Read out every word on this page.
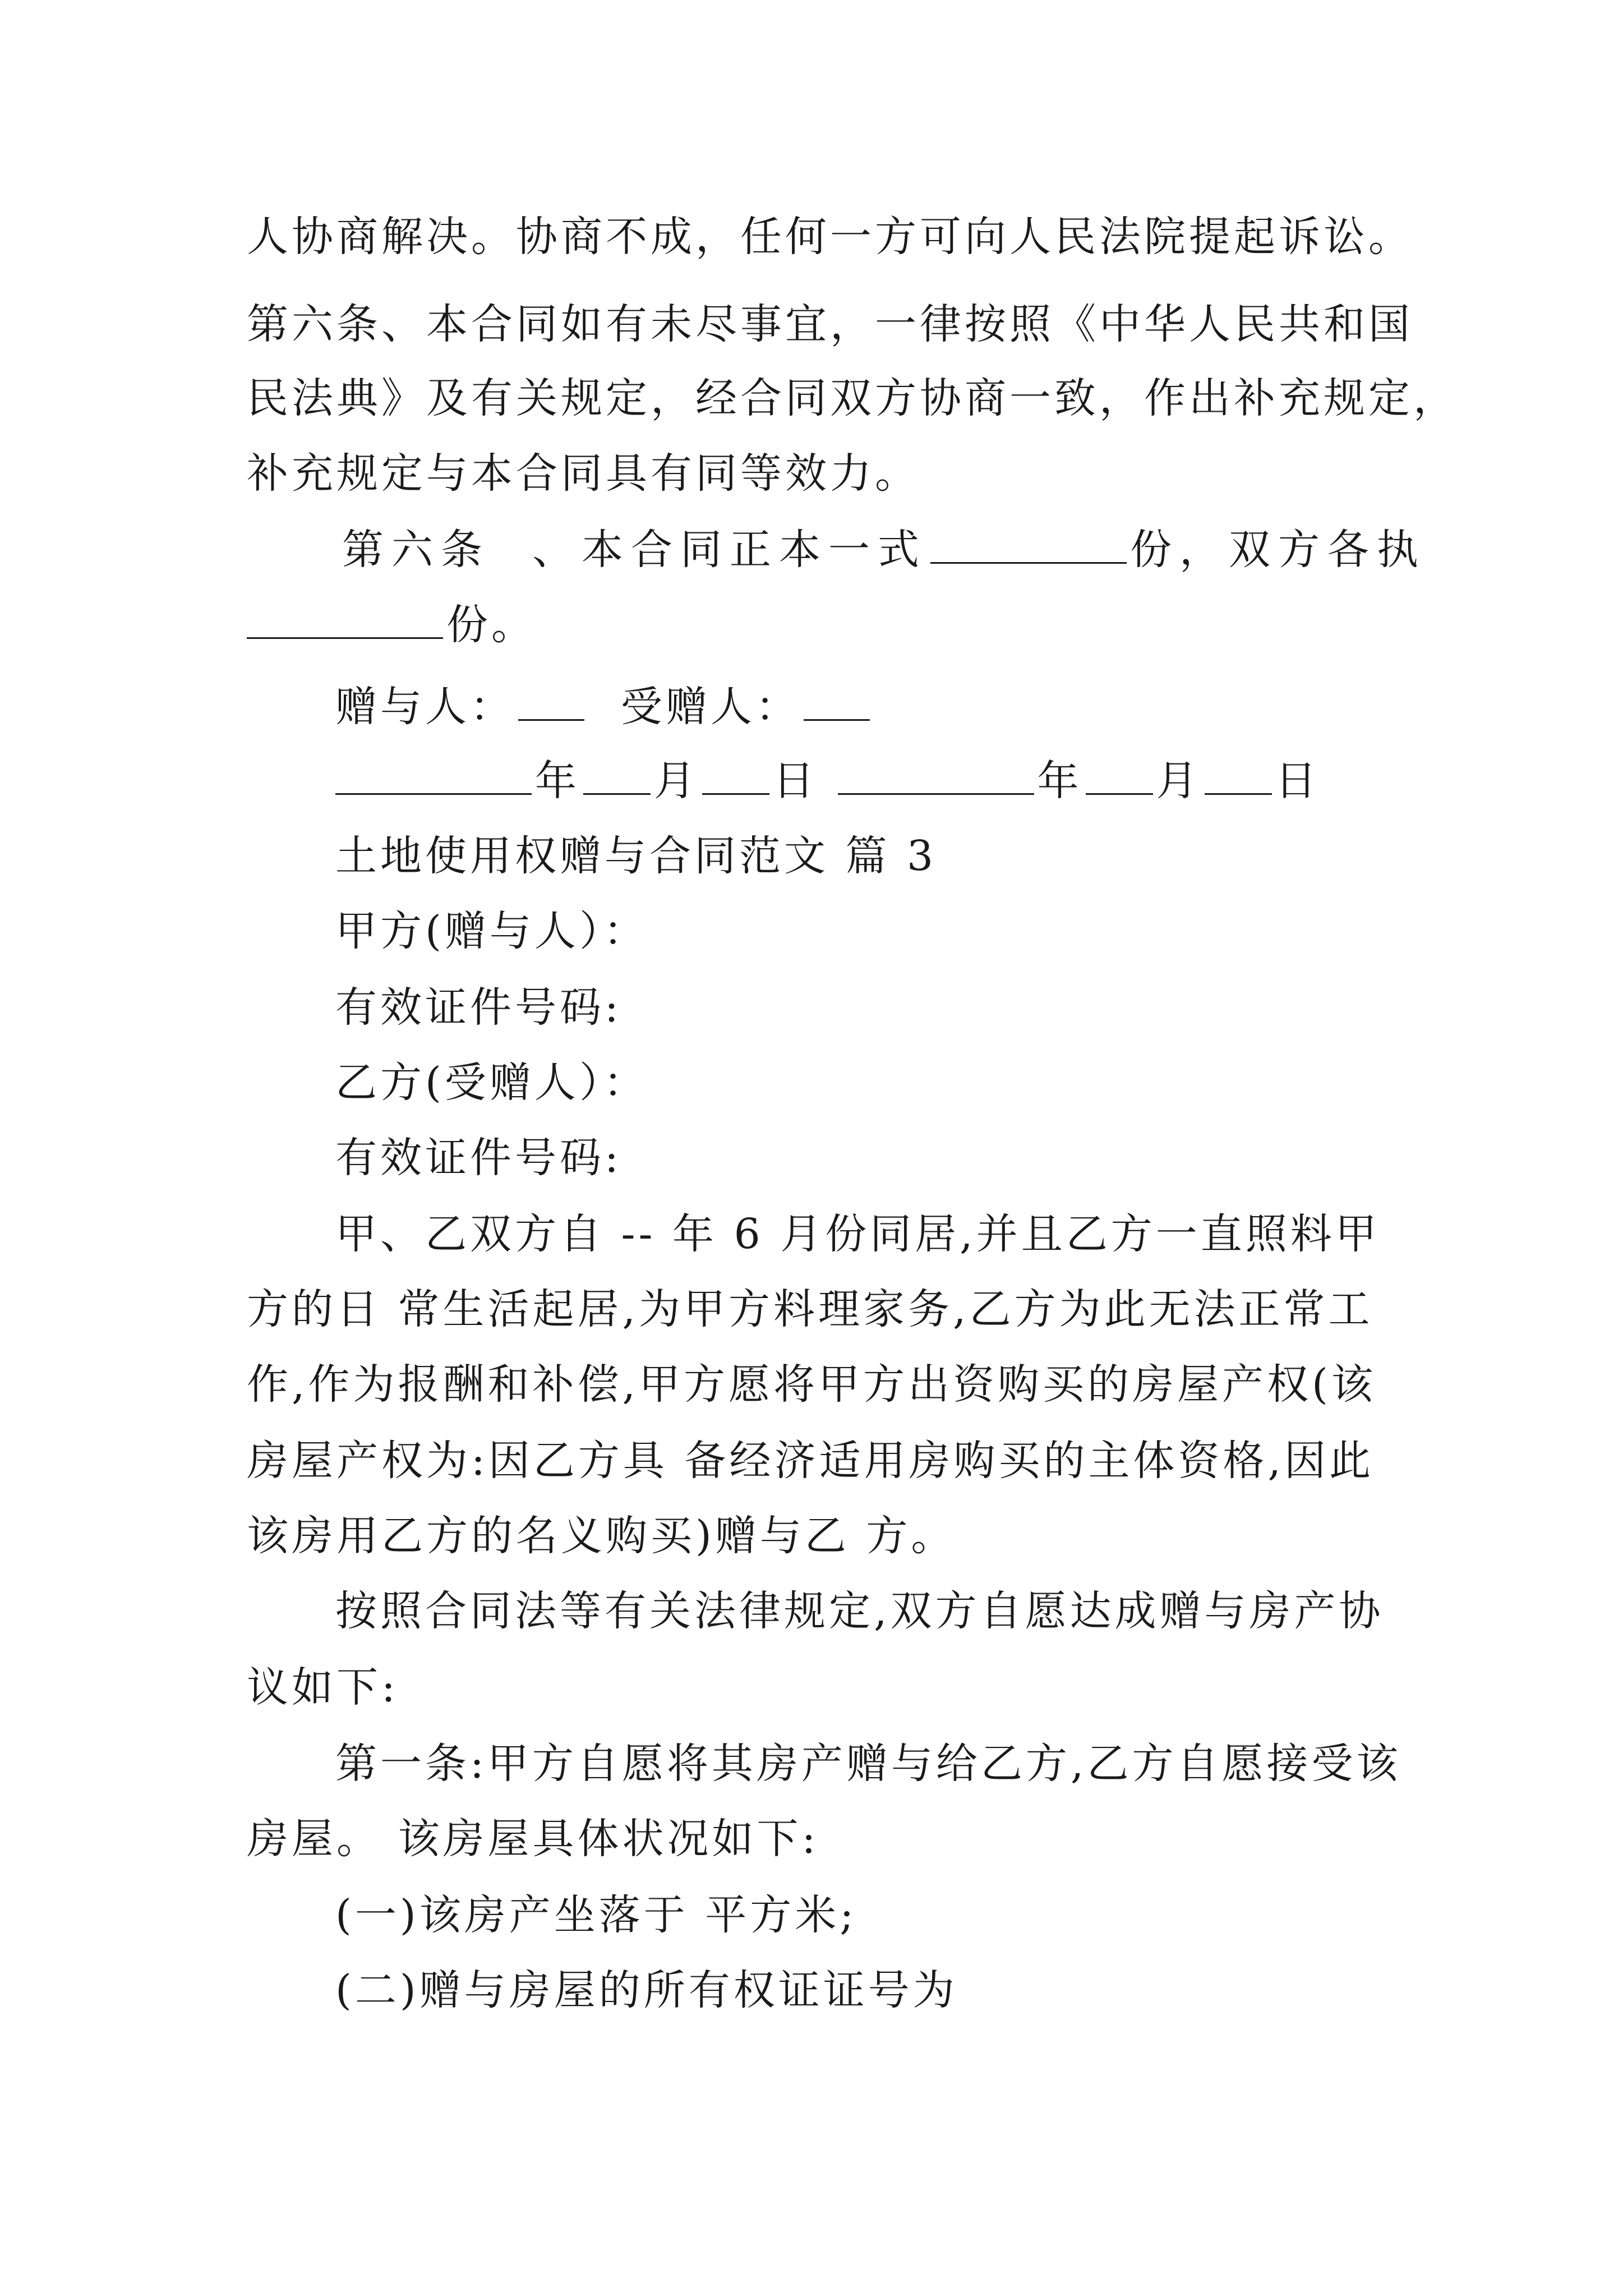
人协商解决。协商不成，任何一方可向人民法院提起诉讼。
第六条、本合同如有未尽事宜，一律按照《中华人民共和国
民法典》及有关规定，经合同双方协商一致，作出补充规定，
补充规定与本合同具有同等效力。
第六条  、本合同正本一式	份，双方各执
份。
赠与人：	受赠人：
年 月 日	年 月 日
土地使用权赠与合同范文 篇 3
甲方(赠与人）：
有效证件号码:
乙方(受赠人）：
有效证件号码:
甲、乙双方自 -- 年 6 月份同居,并且乙方一直照料甲
方的日 常生活起居,为甲方料理家务,乙方为此无法正常工
作,作为报酬和补偿,甲方愿将甲方出资购买的房屋产权(该
房屋产权为:因乙方具 备经济适用房购买的主体资格,因此
该房用乙方的名义购买)赠与乙 方。
按照合同法等有关法律规定,双方自愿达成赠与房产协
议如下:
第一条:甲方自愿将其房产赠与给乙方,乙方自愿接受该
房屋。 该房屋具体状况如下:
(一)该房产坐落于 平方米;
(二)赠与房屋的所有权证证号为
